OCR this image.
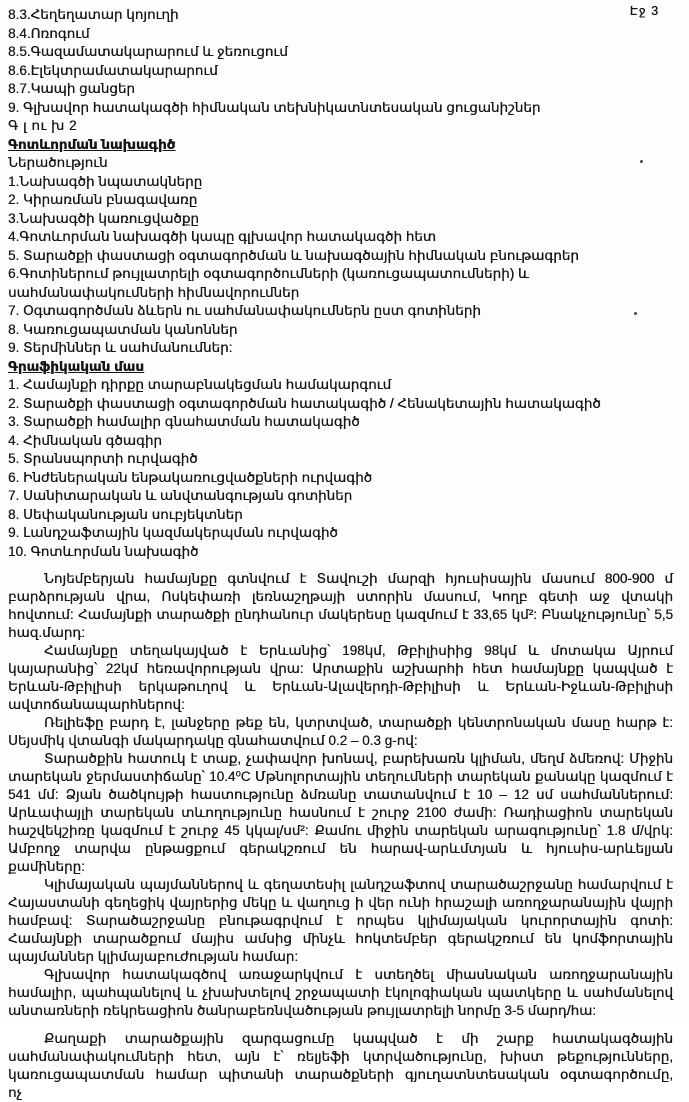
Էջ 3
8.3.Հեղեղատար կոյուղի
8.4.Ոռոգում
8.5.Գազամատակարարում և ջեռուցում
8.6.Էլեկտրամատակարարում
8.7.Կապի ցանցեր
9. Գլխավոր հատակագծի հիմնական տեխնիկատնտեսական ցուցանիշներ
Գ լ ու խ 2
Գոտևորման նախագիծ
Ներածություն
1.Նախագծի նպատակները
2. Կիրառման բնագավառը
3.Նախագծի կառուցվածքը
4.Գոտևորման նախագծի կապը գլխավոր հատակագծի հետ
5. Տարածքի փաստացի օգտագործման և նախագծային հիմնական բնութագրեր
6.Գոտիներում թույլատրելի օգտագործումների (կառուցապատումների) և սահմանափակումների հիմնավորումներ
7. Օգտագործման ձևերն ու սահմանափակումներն ըստ գոտիների
8. Կառուցապատման կանոններ
9. Տերմիններ և սահմանումներ:
Գրաֆիկական մաս
1. Համայնքի դիրքը տարաբնակեցման համակարգում
2. Տարածքի փաստացի օգտագործման հատակագիծ / Հենակետային հատակագիծ
3. Տարածքի համալիր գնահատման հատակագիծ
4. Հիմնական գծագիր
5. Տրանսպորտի ուրվագիծ
6. Ինժեներական ենթակառուցվածքների ուրվագիծ
7. Սանիտարական և անվտանգության գոտիներ
8. Սեփականության սուբյեկտներ
9. Լանդշաֆտային կազմակերպման ուրվագիծ
10. Գոտևորման նախագիծ

Նոյեմբերյան համայնքը գտնվում է Տավուշի մարզի հյուսիսային մասում 800-900 մ բարձրության վրա, Ոսկեփառի լեռնաշղթայի ստորին մասում, Կողբ գետի աջ վտակի հովտում: Համայնքի տարածքի ընդհանուր մակերեսը կազմում է 33,65 կմ²: Բնակչությունը՝ 5,5 հազ.մարդ:

Համայնքը տեղակայված է Երևանից՝ 198կմ, Թբիլիսիից 98կմ և մոտակա Այրում կայարանից՝ 22կմ հեռավորության վրա: Արտաքին աշխարհի հետ համայնքը կապված է Երևան-Թբիլիսի երկաթուղով և Երևան-Ալավերդի-Թբիլիսի և Երևան-Իջևան-Թբիլիսի ավտոճանապարհներով:

Ռելիեֆը բարդ է, լանջերը թեք են, կտրտված, տարածքի կենտրոնական մասը հարթ է: Սեյսմիկ վտանգի մակարդակը գնահատվում 0.2 – 0.3 g-ով:

Տարածքին հատուկ է տաք, չափավոր խոնավ, բարեխառն կլիման, մեղմ ձմեռով: Միջին տարեկան ջերմաստիճանը՝ 10.4⁰C Մթնոլորտային տեղումների տարեկան քանակը կազմում է 541 մմ: Ձյան ծածկույթի հաստությունը ձմռանը տատանվում է 10 – 12 սմ սահմաններում: Արևափայլի տարեկան տևողությունը հասնում է շուրջ 2100 ժամի: Ռադիացիոն տարեկան հաշվեկշիռը կազմում է շուրջ 45 կկալ/սմ²: Քամու միջին տարեկան արագությունը՝ 1.8 մ/վրկ: Ամբողջ տարվա ընթացքում գերակշռում են հարավ-արևմտյան և հյուսիս-արևելյան քամիները:

Կլիմայական պայմաններով և գեղատեսիլ լանդշաֆտով տարածաշրջանը համարվում է Հայաստանի գեղեցիկ վայրերից մեկը և վաղուց ի վեր ունի հրաշալի առողջարանային վայրի համբավ: Տարածաշրջանը բնութագրվում է որպես կլիմայական կուրորտային գոտի: Համայնքի տարածքում մայիս ամսից մինչև հոկտեմբեր գերակշռում են կոմֆորտային պայմաններ կլիմայաբուժության համար:

Գլխավոր հատակագծով առաջարկվում է ստեղծել միասնական առողջարանային համալիր, պահպանելով և չխախտելով շրջապատի էկոլոգիական պատկերը և սահմանելով անտառների ռեկրեացիոն ծանրաբեռնվածության թույլատրելի նորմը 3-5 մարդ/հա:

Քաղաքի տարածքային զարգացումը կապված է մի շարք հատակագծային սահմանափակումների հետ, այն է՝ ռելյեֆի կտրվածությունը, խիստ թեքությունները, կառուցապատման համար պիտանի տարածքների գյուղատնտեսական օգտագործումը, ոչ
